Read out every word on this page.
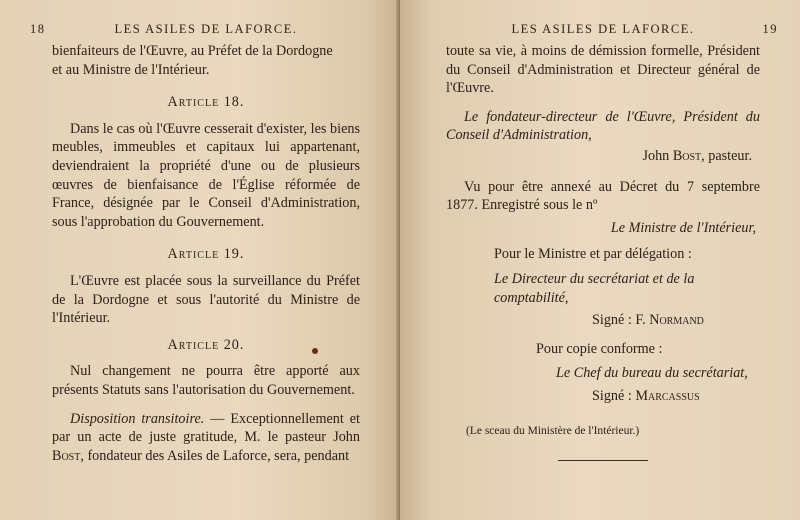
18	LES ASILES DE LAFORCE.

bienfaiteurs de l'Œuvre, au Préfet de la Dordogne

et au Ministre de l'Intérieur.

Article 18.

Dans le cas où l'Œuvre cesserait d'exister, les biens meubles, immeubles et capitaux lui appartenant, deviendraient la propriété d'une ou de plusieurs œuvres de bienfaisance de l'Église réformée de France, désignée par le Conseil d'Administration, sous l'approbation du Gouvernement.

Article 19.

L'Œuvre est placée sous la surveillance du Préfet de la Dordogne et sous l'autorité du Ministre de l'Intérieur.

Article 20.

Nul changement ne pourra être apporté aux présents Statuts sans l'autorisation du Gouvernement.

Disposition transitoire. — Exceptionnellement et par un acte de juste gratitude, M. le pasteur John Bost, fondateur des Asiles de Laforce, sera, pendant

LES ASILES DE LAFORCE.	19

toute sa vie, à moins de démission formelle, Président du Conseil d'Administration et Directeur général de l'Œuvre.

Le fondateur-directeur de l'Œuvre, Président du Conseil d'Administration,

John Bost, pasteur.

Vu pour être annexé au Décret du 7 septembre 1877. Enregistré sous le nº

Le Ministre de l'Intérieur,

Pour le Ministre et par délégation :

Le Directeur du secrétariat et de la comptabilité,

Signé : F. Normand

Pour copie conforme :

Le Chef du bureau du secrétariat,

Signé : Marcassus

(Le sceau du Ministère de l'Intérieur.)
